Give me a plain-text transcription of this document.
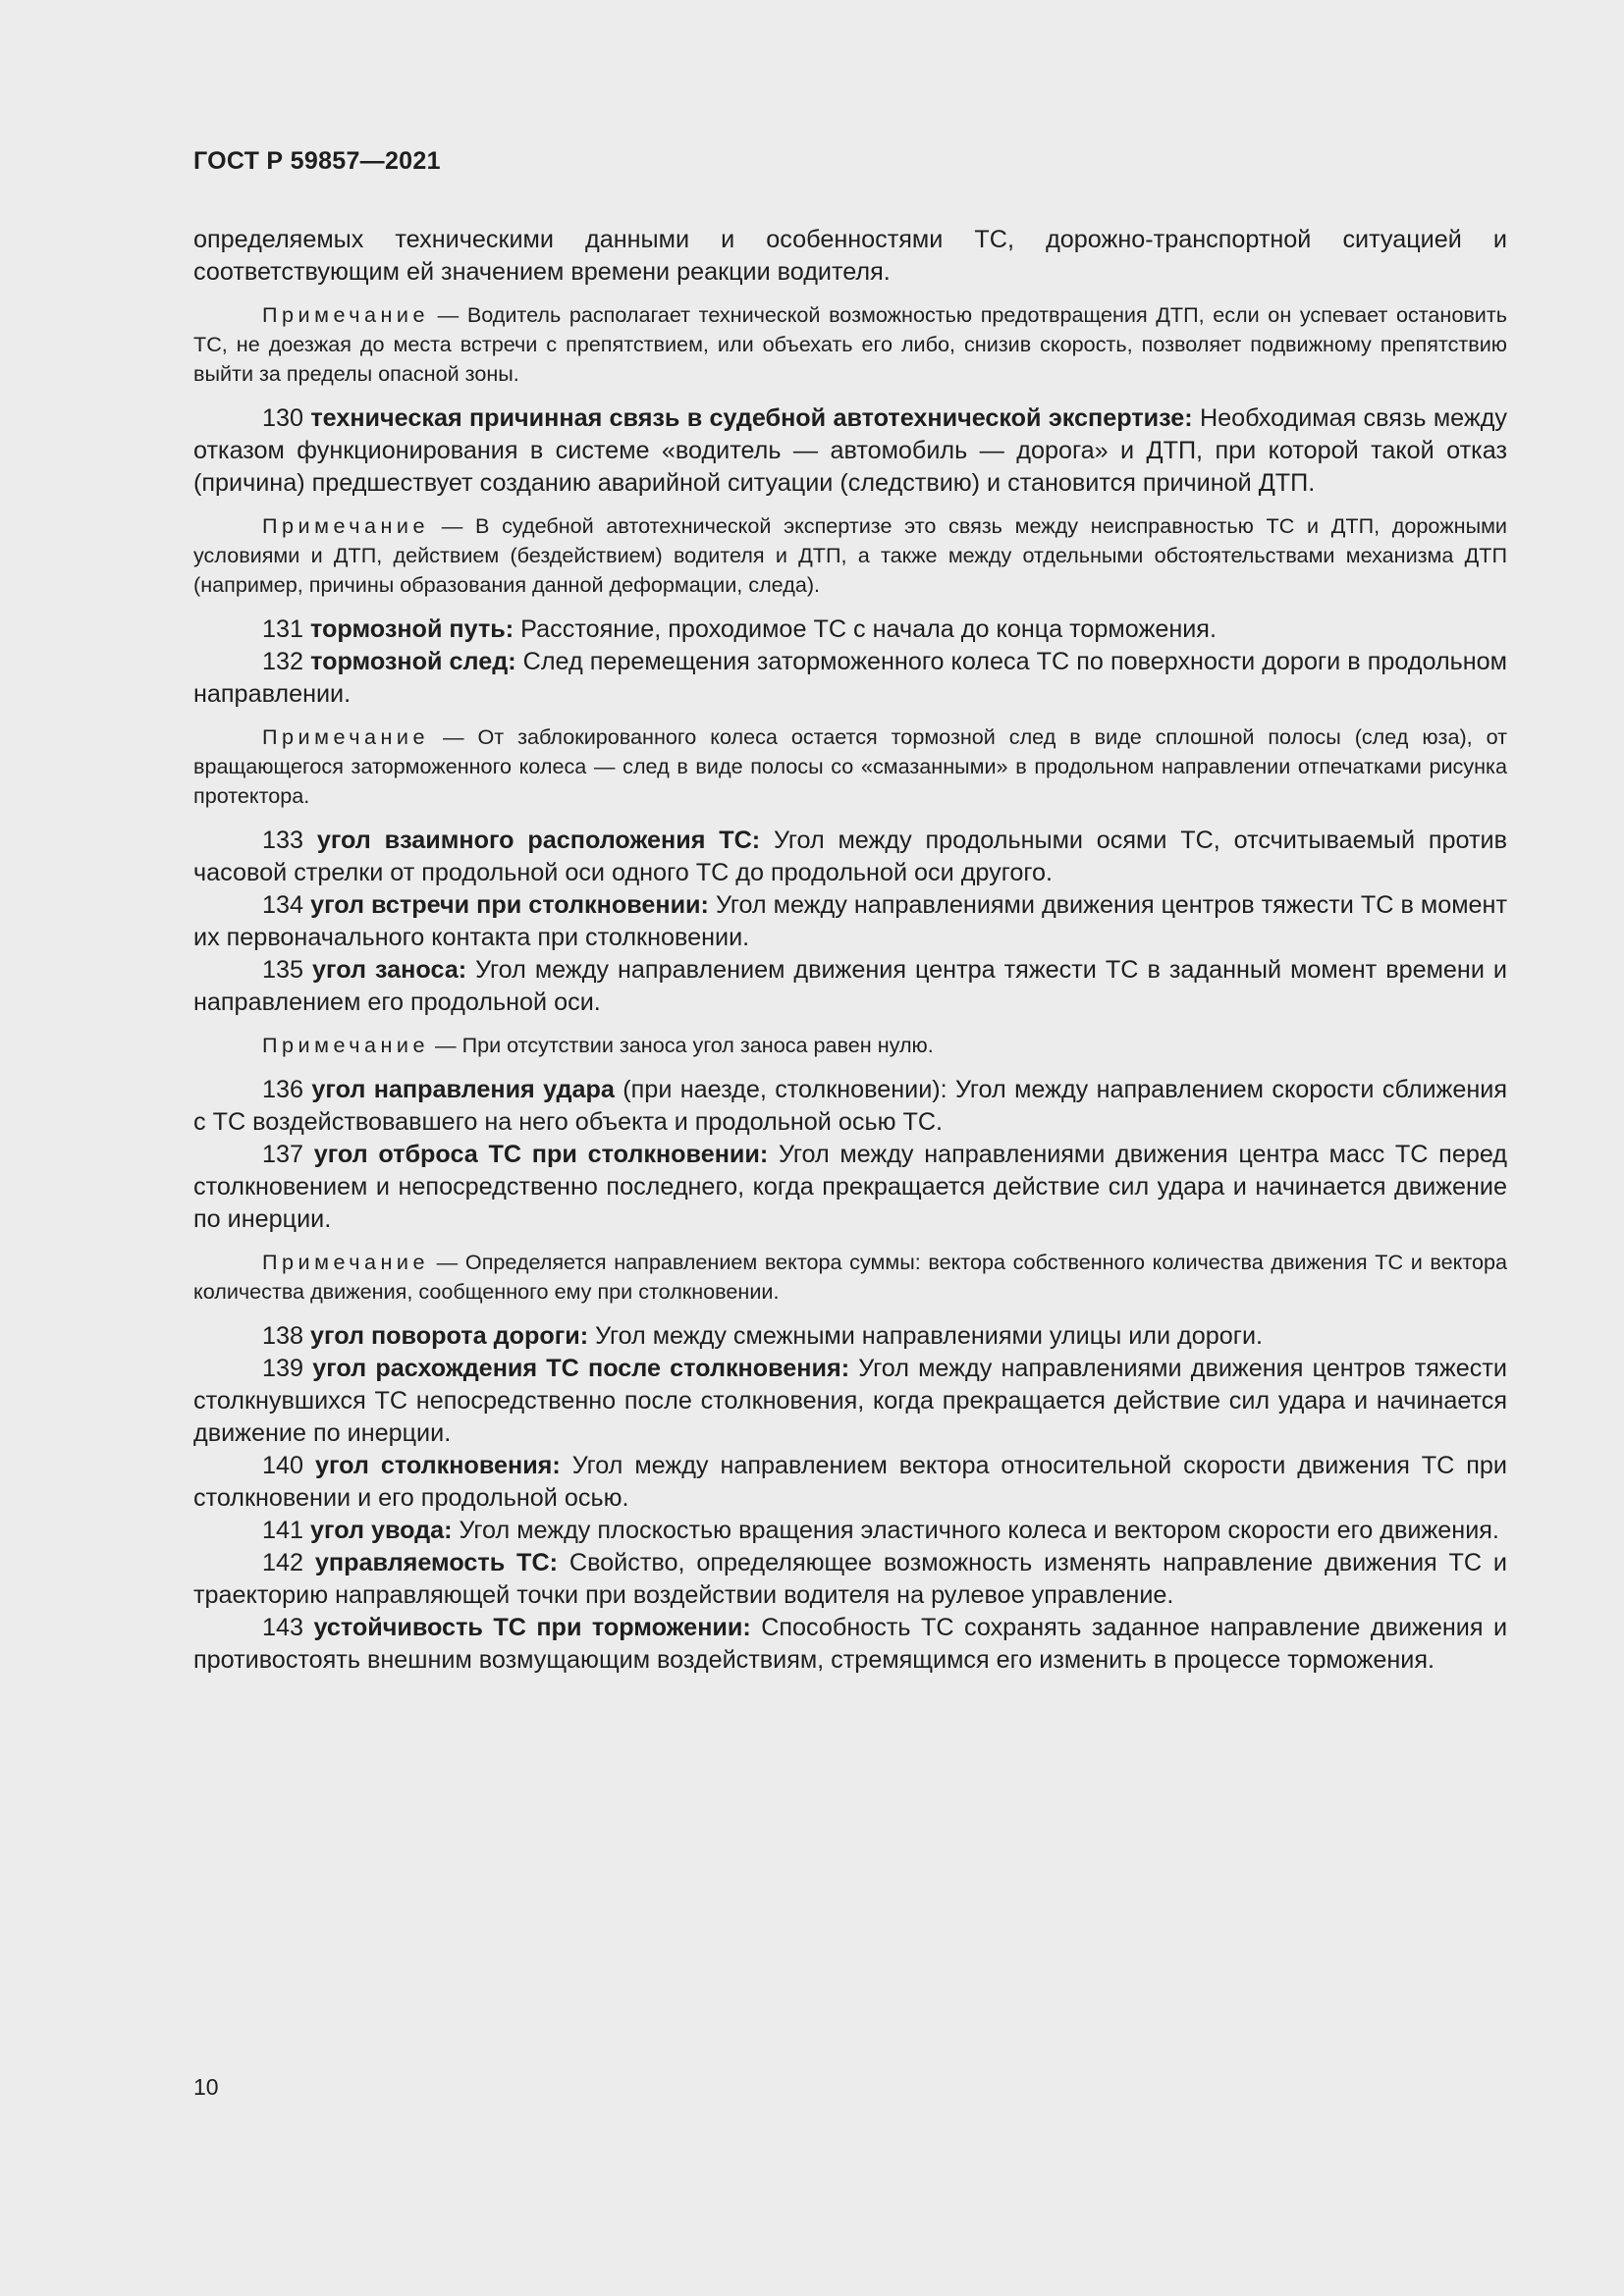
ГОСТ Р 59857—2021

определяемых техническими данными и особенностями ТС, дорожно-транспортной ситуацией и соответствующим ей значением времени реакции водителя.

Примечание — Водитель располагает технической возможностью предотвращения ДТП, если он успевает остановить ТС, не доезжая до места встречи с препятствием, или объехать его либо, снизив скорость, позволяет подвижному препятствию выйти за пределы опасной зоны.

130 техническая причинная связь в судебной автотехнической экспертизе: Необходимая связь между отказом функционирования в системе «водитель — автомобиль — дорога» и ДТП, при которой такой отказ (причина) предшествует созданию аварийной ситуации (следствию) и становится причиной ДТП.

Примечание — В судебной автотехнической экспертизе это связь между неисправностью ТС и ДТП, дорожными условиями и ДТП, действием (бездействием) водителя и ДТП, а также между отдельными обстоятельствами механизма ДТП (например, причины образования данной деформации, следа).

131 тормозной путь: Расстояние, проходимое ТС с начала до конца торможения.

132 тормозной след: След перемещения заторможенного колеса ТС по поверхности дороги в продольном направлении.

Примечание — От заблокированного колеса остается тормозной след в виде сплошной полосы (след юза), от вращающегося заторможенного колеса — след в виде полосы со «смазанными» в продольном направлении отпечатками рисунка протектора.

133 угол взаимного расположения ТС: Угол между продольными осями ТС, отсчитываемый против часовой стрелки от продольной оси одного ТС до продольной оси другого.

134 угол встречи при столкновении: Угол между направлениями движения центров тяжести ТС в момент их первоначального контакта при столкновении.

135 угол заноса: Угол между направлением движения центра тяжести ТС в заданный момент времени и направлением его продольной оси.

Примечание — При отсутствии заноса угол заноса равен нулю.

136 угол направления удара (при наезде, столкновении): Угол между направлением скорости сближения с ТС воздействовавшего на него объекта и продольной осью ТС.

137 угол отброса ТС при столкновении: Угол между направлениями движения центра масс ТС перед столкновением и непосредственно последнего, когда прекращается действие сил удара и начинается движение по инерции.

Примечание — Определяется направлением вектора суммы: вектора собственного количества движения ТС и вектора количества движения, сообщенного ему при столкновении.

138 угол поворота дороги: Угол между смежными направлениями улицы или дороги.

139 угол расхождения ТС после столкновения: Угол между направлениями движения центров тяжести столкнувшихся ТС непосредственно после столкновения, когда прекращается действие сил удара и начинается движение по инерции.

140 угол столкновения: Угол между направлением вектора относительной скорости движения ТС при столкновении и его продольной осью.

141 угол увода: Угол между плоскостью вращения эластичного колеса и вектором скорости его движения.

142 управляемость ТС: Свойство, определяющее возможность изменять направление движения ТС и траекторию направляющей точки при воздействии водителя на рулевое управление.

143 устойчивость ТС при торможении: Способность ТС сохранять заданное направление движения и противостоять внешним возмущающим воздействиям, стремящимся его изменить в процессе торможения.

10
